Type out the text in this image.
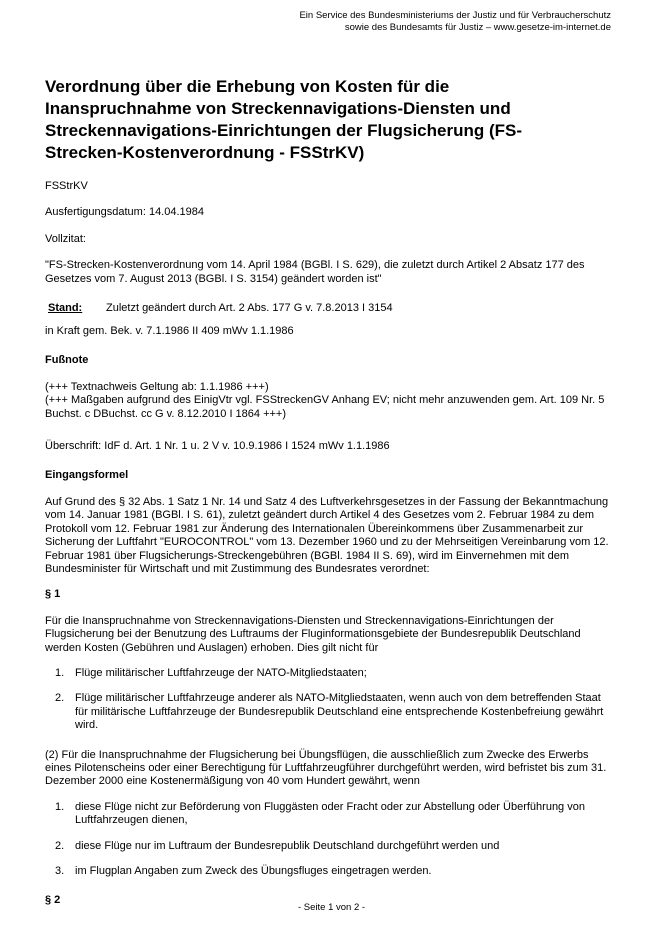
Ein Service des Bundesministeriums der Justiz und für Verbraucherschutz
sowie des Bundesamts für Justiz – www.gesetze-im-internet.de
Verordnung über die Erhebung von Kosten für die Inanspruchnahme von Streckennavigations-Diensten und Streckennavigations-Einrichtungen der Flugsicherung (FS-Strecken-Kostenverordnung - FSStrKV)
FSStrKV
Ausfertigungsdatum: 14.04.1984
Vollzitat:
"FS-Strecken-Kostenverordnung vom 14. April 1984 (BGBl. I S. 629), die zuletzt durch Artikel 2 Absatz 177 des Gesetzes vom 7. August 2013 (BGBl. I S. 3154) geändert worden ist"
Stand: Zuletzt geändert durch Art. 2 Abs. 177 G v. 7.8.2013 I 3154
in Kraft gem. Bek. v. 7.1.1986 II 409 mWv 1.1.1986
Fußnote
(+++ Textnachweis Geltung ab: 1.1.1986 +++)
(+++ Maßgaben aufgrund des EinigVtr vgl. FSStreckenGV Anhang EV; nicht mehr anzuwenden gem. Art. 109 Nr. 5 Buchst. c DBuchst. cc G v. 8.12.2010 I 1864 +++)
Überschrift: IdF d. Art. 1 Nr. 1 u. 2 V v. 10.9.1986 I 1524 mWv 1.1.1986
Eingangsformel
Auf Grund des § 32 Abs. 1 Satz 1 Nr. 14 und Satz 4 des Luftverkehrsgesetzes in der Fassung der Bekanntmachung vom 14. Januar 1981 (BGBl. I S. 61), zuletzt geändert durch Artikel 4 des Gesetzes vom 2. Februar 1984 zu dem Protokoll vom 12. Februar 1981 zur Änderung des Internationalen Übereinkommens über Zusammenarbeit zur Sicherung der Luftfahrt "EUROCONTROL" vom 13. Dezember 1960 und zu der Mehrseitigen Vereinbarung vom 12. Februar 1981 über Flugsicherungs-Streckengebühren (BGBl. 1984 II S. 69), wird im Einvernehmen mit dem Bundesminister für Wirtschaft und mit Zustimmung des Bundesrates verordnet:
§ 1
Für die Inanspruchnahme von Streckennavigations-Diensten und Streckennavigations-Einrichtungen der Flugsicherung bei der Benutzung des Luftraums der Fluginformationsgebiete der Bundesrepublik Deutschland werden Kosten (Gebühren und Auslagen) erhoben. Dies gilt nicht für
1. Flüge militärischer Luftfahrzeuge der NATO-Mitgliedstaaten;
2. Flüge militärischer Luftfahrzeuge anderer als NATO-Mitgliedstaaten, wenn auch von dem betreffenden Staat für militärische Luftfahrzeuge der Bundesrepublik Deutschland eine entsprechende Kostenbefreiung gewährt wird.
(2) Für die Inanspruchnahme der Flugsicherung bei Übungsflügen, die ausschließlich zum Zwecke des Erwerbs eines Pilotenscheins oder einer Berechtigung für Luftfahrzeugführer durchgeführt werden, wird befristet bis zum 31. Dezember 2000 eine Kostenermäßigung von 40 vom Hundert gewährt, wenn
1. diese Flüge nicht zur Beförderung von Fluggästen oder Fracht oder zur Abstellung oder Überführung von Luftfahrzeugen dienen,
2. diese Flüge nur im Luftraum der Bundesrepublik Deutschland durchgeführt werden und
3. im Flugplan Angaben zum Zweck des Übungsfluges eingetragen werden.
§ 2
- Seite 1 von 2 -
